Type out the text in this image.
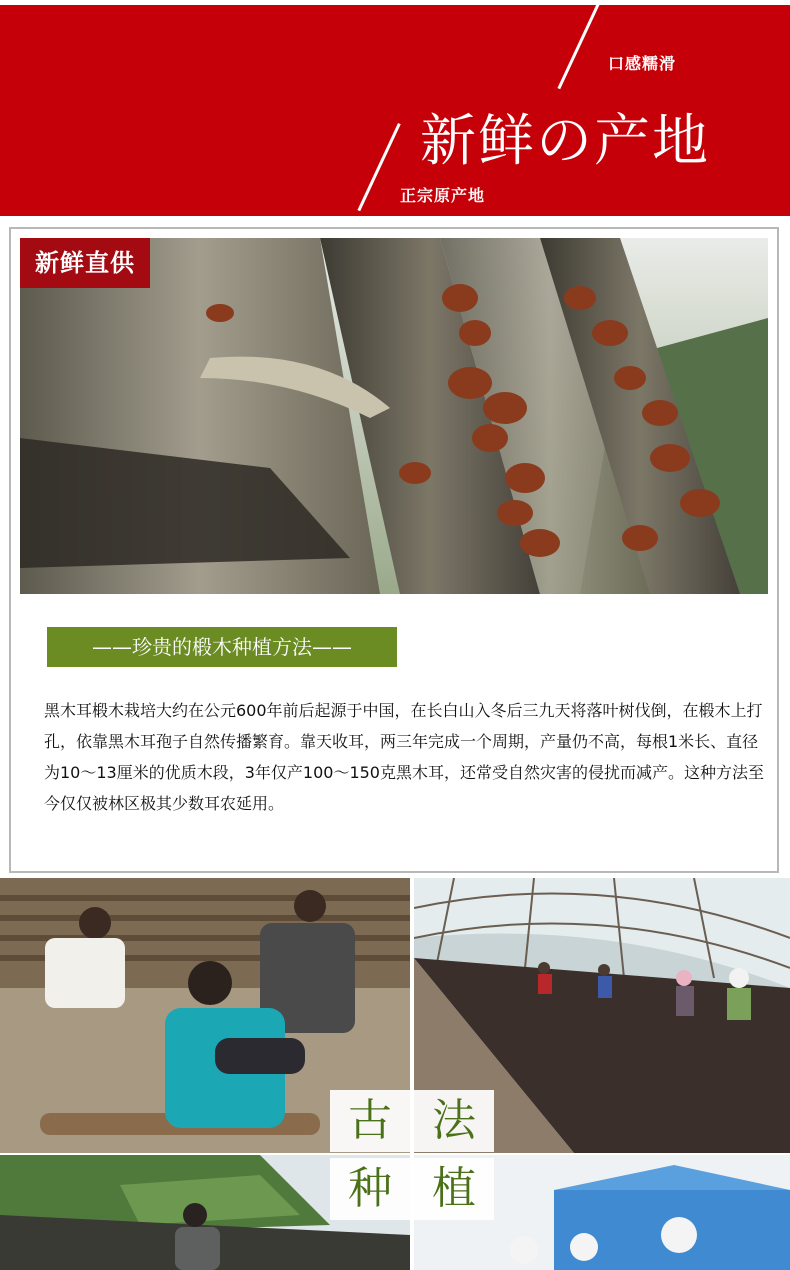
口感糯滑
新鲜の产地
正宗原产地
新鲜直供
——珍贵的椴木种植方法——

黑木耳椴木栽培大约在公元600年前后起源于中国，在长白山入冬后三九天将落叶树伐倒，在椴木上打孔，依靠黑木耳孢子自然传播繁育。靠天收耳，两三年完成一个周期，产量仍不高，每根1米长、直径为10～13厘米的优质木段，3年仅产100～150克黑木耳，还常受自然灾害的侵扰而减产。这种方法至今仅仅被林区极其少数耳农延用。

古 法
种 植
